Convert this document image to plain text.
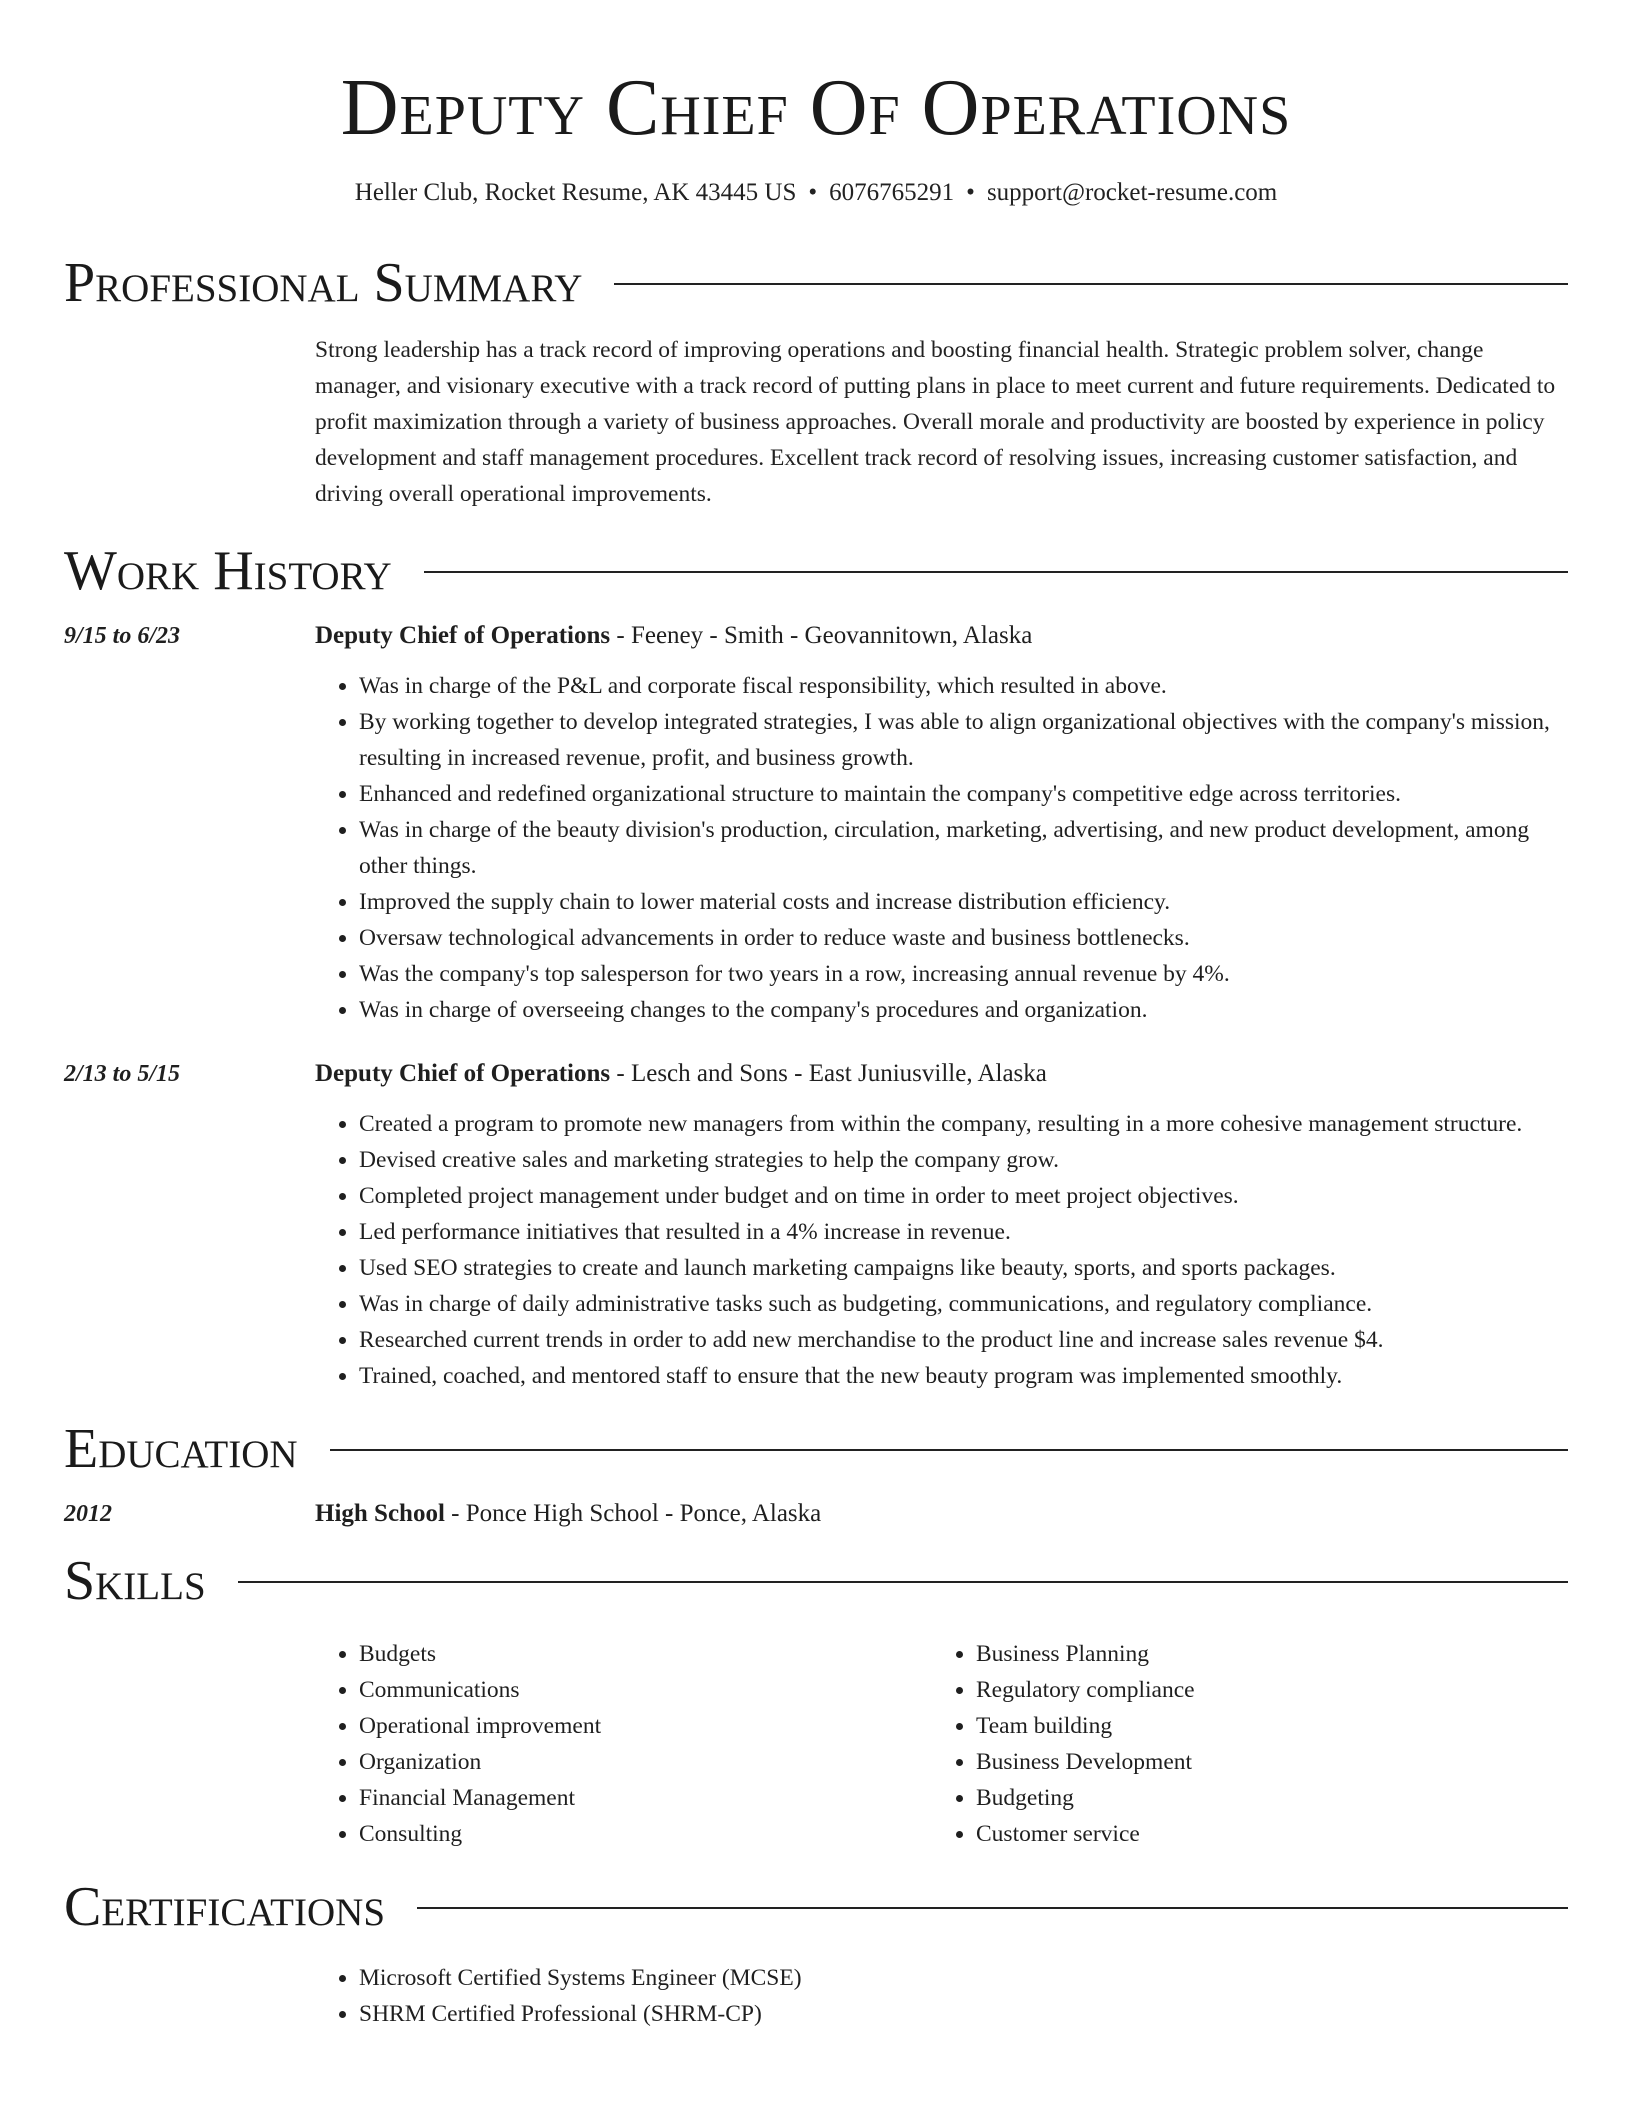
Deputy Chief Of Operations
Heller Club, Rocket Resume, AK 43445 US • 6076765291 • support@rocket-resume.com
Professional Summary
Strong leadership has a track record of improving operations and boosting financial health. Strategic problem solver, change manager, and visionary executive with a track record of putting plans in place to meet current and future requirements. Dedicated to profit maximization through a variety of business approaches. Overall morale and productivity are boosted by experience in policy development and staff management procedures. Excellent track record of resolving issues, increasing customer satisfaction, and driving overall operational improvements.
Work History
9/15 to 6/23	Deputy Chief of Operations - Feeney - Smith - Geovannitown, Alaska
• Was in charge of the P&L and corporate fiscal responsibility, which resulted in above.
• By working together to develop integrated strategies, I was able to align organizational objectives with the company's mission, resulting in increased revenue, profit, and business growth.
• Enhanced and redefined organizational structure to maintain the company's competitive edge across territories.
• Was in charge of the beauty division's production, circulation, marketing, advertising, and new product development, among other things.
• Improved the supply chain to lower material costs and increase distribution efficiency.
• Oversaw technological advancements in order to reduce waste and business bottlenecks.
• Was the company's top salesperson for two years in a row, increasing annual revenue by 4%.
• Was in charge of overseeing changes to the company's procedures and organization.
2/13 to 5/15	Deputy Chief of Operations - Lesch and Sons - East Juniusville, Alaska
• Created a program to promote new managers from within the company, resulting in a more cohesive management structure.
• Devised creative sales and marketing strategies to help the company grow.
• Completed project management under budget and on time in order to meet project objectives.
• Led performance initiatives that resulted in a 4% increase in revenue.
• Used SEO strategies to create and launch marketing campaigns like beauty, sports, and sports packages.
• Was in charge of daily administrative tasks such as budgeting, communications, and regulatory compliance.
• Researched current trends in order to add new merchandise to the product line and increase sales revenue $4.
• Trained, coached, and mentored staff to ensure that the new beauty program was implemented smoothly.
Education
2012	High School - Ponce High School - Ponce, Alaska
Skills
• Budgets
• Communications
• Operational improvement
• Organization
• Financial Management
• Consulting
• Business Planning
• Regulatory compliance
• Team building
• Business Development
• Budgeting
• Customer service
Certifications
• Microsoft Certified Systems Engineer (MCSE)
• SHRM Certified Professional (SHRM-CP)
